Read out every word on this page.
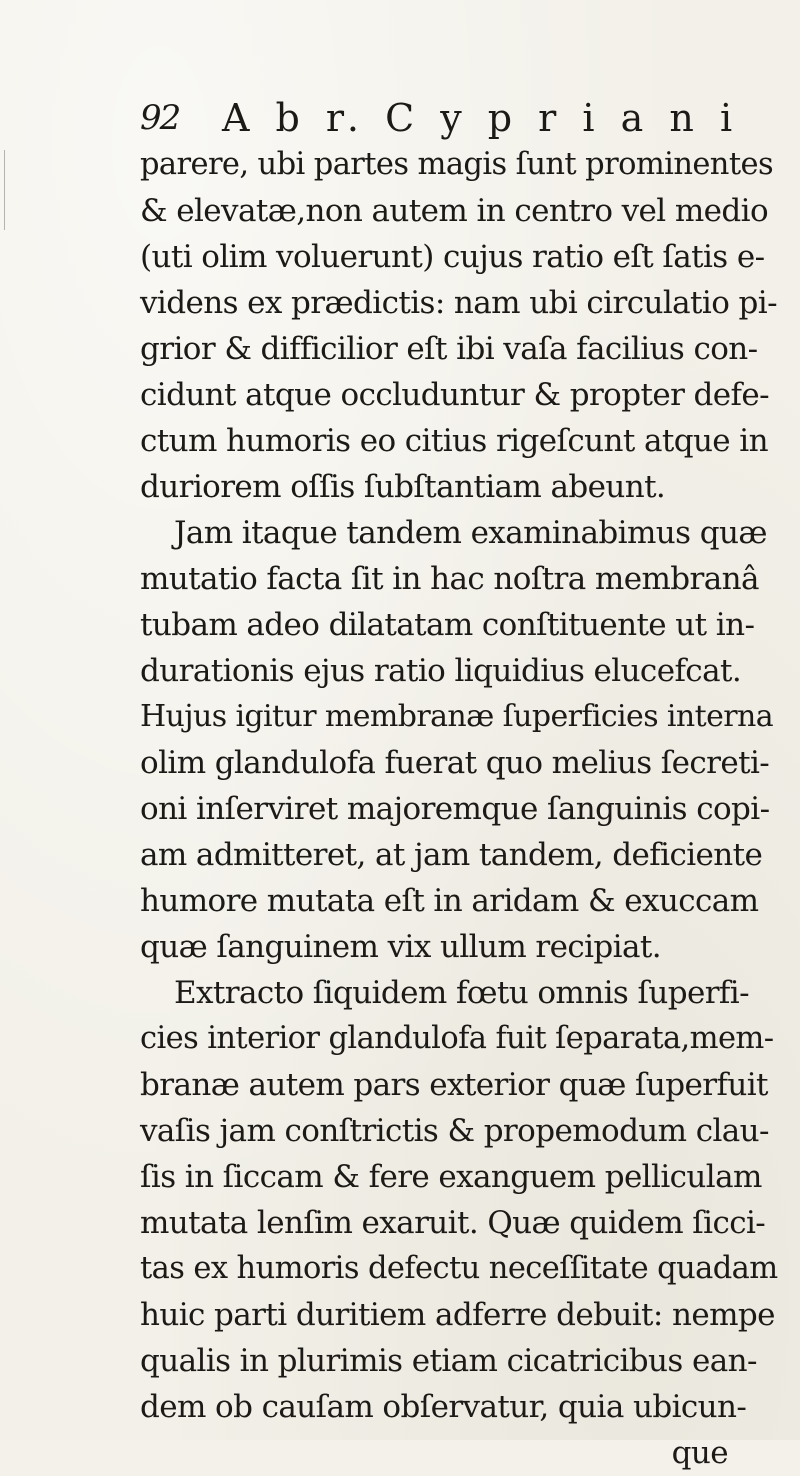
92 A b r. C y p r i a n i
parere, ubi partes magis ſunt prominentes
& elevatæ,non autem in centro vel medio
(uti olim voluerunt) cujus ratio eſt ſatis e-
videns ex prædictis: nam ubi circulatio pi-
grior & difficilior eſt ibi vaſa facilius con-
cidunt atque occluduntur & propter defe-
ctum humoris eo citius rigeſcunt atque in
duriorem oſſis ſubſtantiam abeunt.
Jam itaque tandem examinabimus quæ
mutatio facta ſit in hac noſtra membranâ
tubam adeo dilatatam conſtituente ut in-
durationis ejus ratio liquidius elucefcat.
Hujus igitur membranæ ſuperficies interna
olim glandulofa fuerat quo melius ſecreti-
oni inſerviret majoremque ſanguinis copi-
am admitteret, at jam tandem, deficiente
humore mutata eſt in aridam & exuccam
quæ ſanguinem vix ullum recipiat.
Extracto ſiquidem fœtu omnis ſuperfi-
cies interior glandulofa fuit ſeparata,mem-
branæ autem pars exterior quæ ſuperfuit
vaſis jam conſtrictis & propemodum clau-
ſis in ſiccam & fere exanguem pelliculam
mutata lenſim exaruit. Quæ quidem ſicci-
tas ex humoris defectu neceſſitate quadam
huic parti duritiem adferre debuit: nempe
qualis in plurimis etiam cicatricibus ean-
dem ob cauſam obſervatur, quia ubicun-
que
